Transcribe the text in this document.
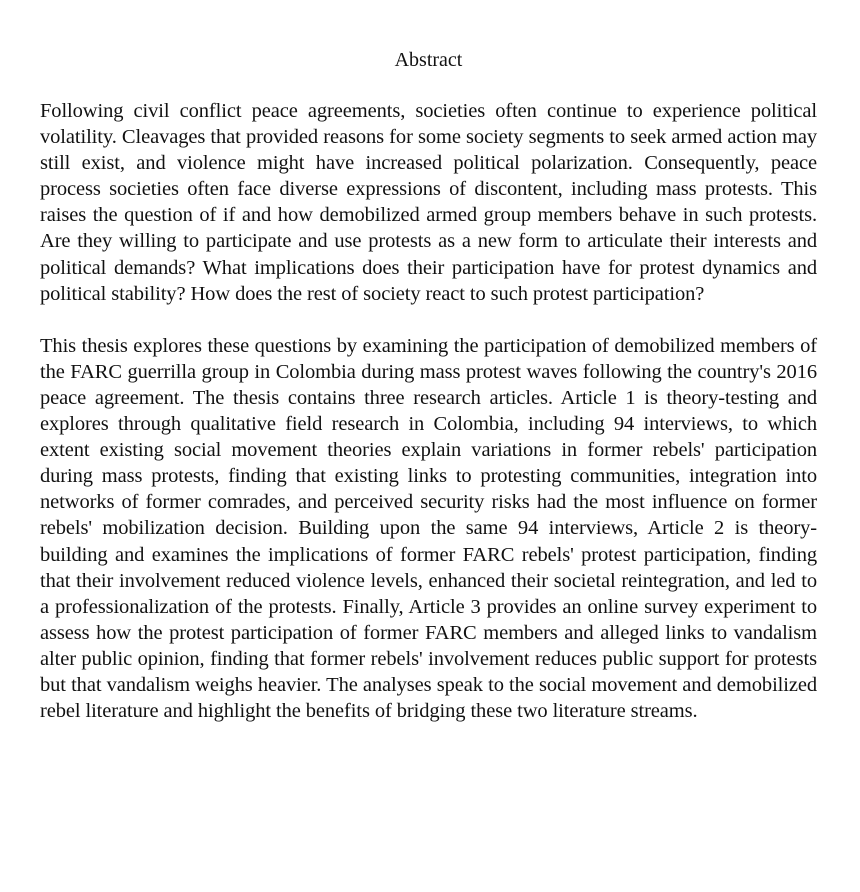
Abstract

Following civil conflict peace agreements, societies often continue to experience political volatility. Cleavages that provided reasons for some society segments to seek armed action may still exist, and violence might have increased political polarization. Consequently, peace process societies often face diverse expressions of discontent, including mass protests. This raises the question of if and how demobilized armed group members behave in such protests. Are they willing to participate and use protests as a new form to articulate their interests and political demands? What implications does their participation have for protest dynamics and political stability? How does the rest of society react to such protest participation?

This thesis explores these questions by examining the participation of demobilized members of the FARC guerrilla group in Colombia during mass protest waves following the country's 2016 peace agreement. The thesis contains three research articles. Article 1 is theory-testing and explores through qualitative field research in Colombia, including 94 interviews, to which extent existing social movement theories explain variations in former rebels' participation during mass protests, finding that existing links to protesting communities, integration into networks of former comrades, and perceived security risks had the most influence on former rebels' mobilization decision. Building upon the same 94 interviews, Article 2 is theory-building and examines the implications of former FARC rebels' protest participation, finding that their involvement reduced violence levels, enhanced their societal reintegration, and led to a professionalization of the protests. Finally, Article 3 provides an online survey experiment to assess how the protest participation of former FARC members and alleged links to vandalism alter public opinion, finding that former rebels' involvement reduces public support for protests but that vandalism weighs heavier. The analyses speak to the social movement and demobilized rebel literature and highlight the benefits of bridging these two literature streams.
